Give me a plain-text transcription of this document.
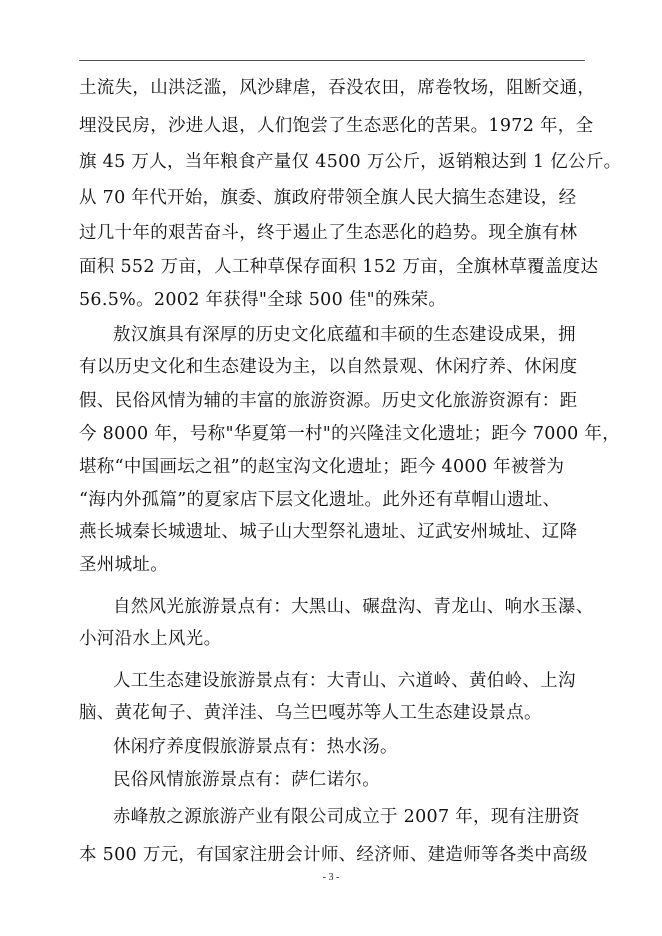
土流失，山洪泛滥，风沙肆虐，吞没农田，席卷牧场，阻断交通，
埋没民房，沙进人退，人们饱尝了生态恶化的苦果。1972 年，全
旗 45 万人，当年粮食产量仅 4500 万公斤，返销粮达到 1 亿公斤。
从 70 年代开始，旗委、旗政府带领全旗人民大搞生态建设，经
过几十年的艰苦奋斗，终于遏止了生态恶化的趋势。现全旗有林
面积 552 万亩，人工种草保存面积 152 万亩，全旗林草覆盖度达
56.5%。2002 年获得"全球 500 佳"的殊荣。
敖汉旗具有深厚的历史文化底蕴和丰硕的生态建设成果，拥
有以历史文化和生态建设为主，以自然景观、休闲疗养、休闲度
假、民俗风情为辅的丰富的旅游资源。历史文化旅游资源有：距
今 8000 年，号称"华夏第一村"的兴隆洼文化遗址；距今 7000 年，
堪称“中国画坛之祖”的赵宝沟文化遗址；距今 4000 年被誉为
“海内外孤篇”的夏家店下层文化遗址。此外还有草帽山遗址、
燕长城秦长城遗址、城子山大型祭礼遗址、辽武安州城址、辽降
圣州城址。
自然风光旅游景点有：大黑山、碾盘沟、青龙山、响水玉瀑、
小河沿水上风光。
人工生态建设旅游景点有：大青山、六道岭、黄伯岭、上沟
脑、黄花甸子、黄洋洼、乌兰巴嘎苏等人工生态建设景点。
休闲疗养度假旅游景点有：热水汤。
民俗风情旅游景点有：萨仁诺尔。
赤峰敖之源旅游产业有限公司成立于 2007 年，现有注册资
本 500 万元，有国家注册会计师、经济师、建造师等各类中高级
- 3 -
